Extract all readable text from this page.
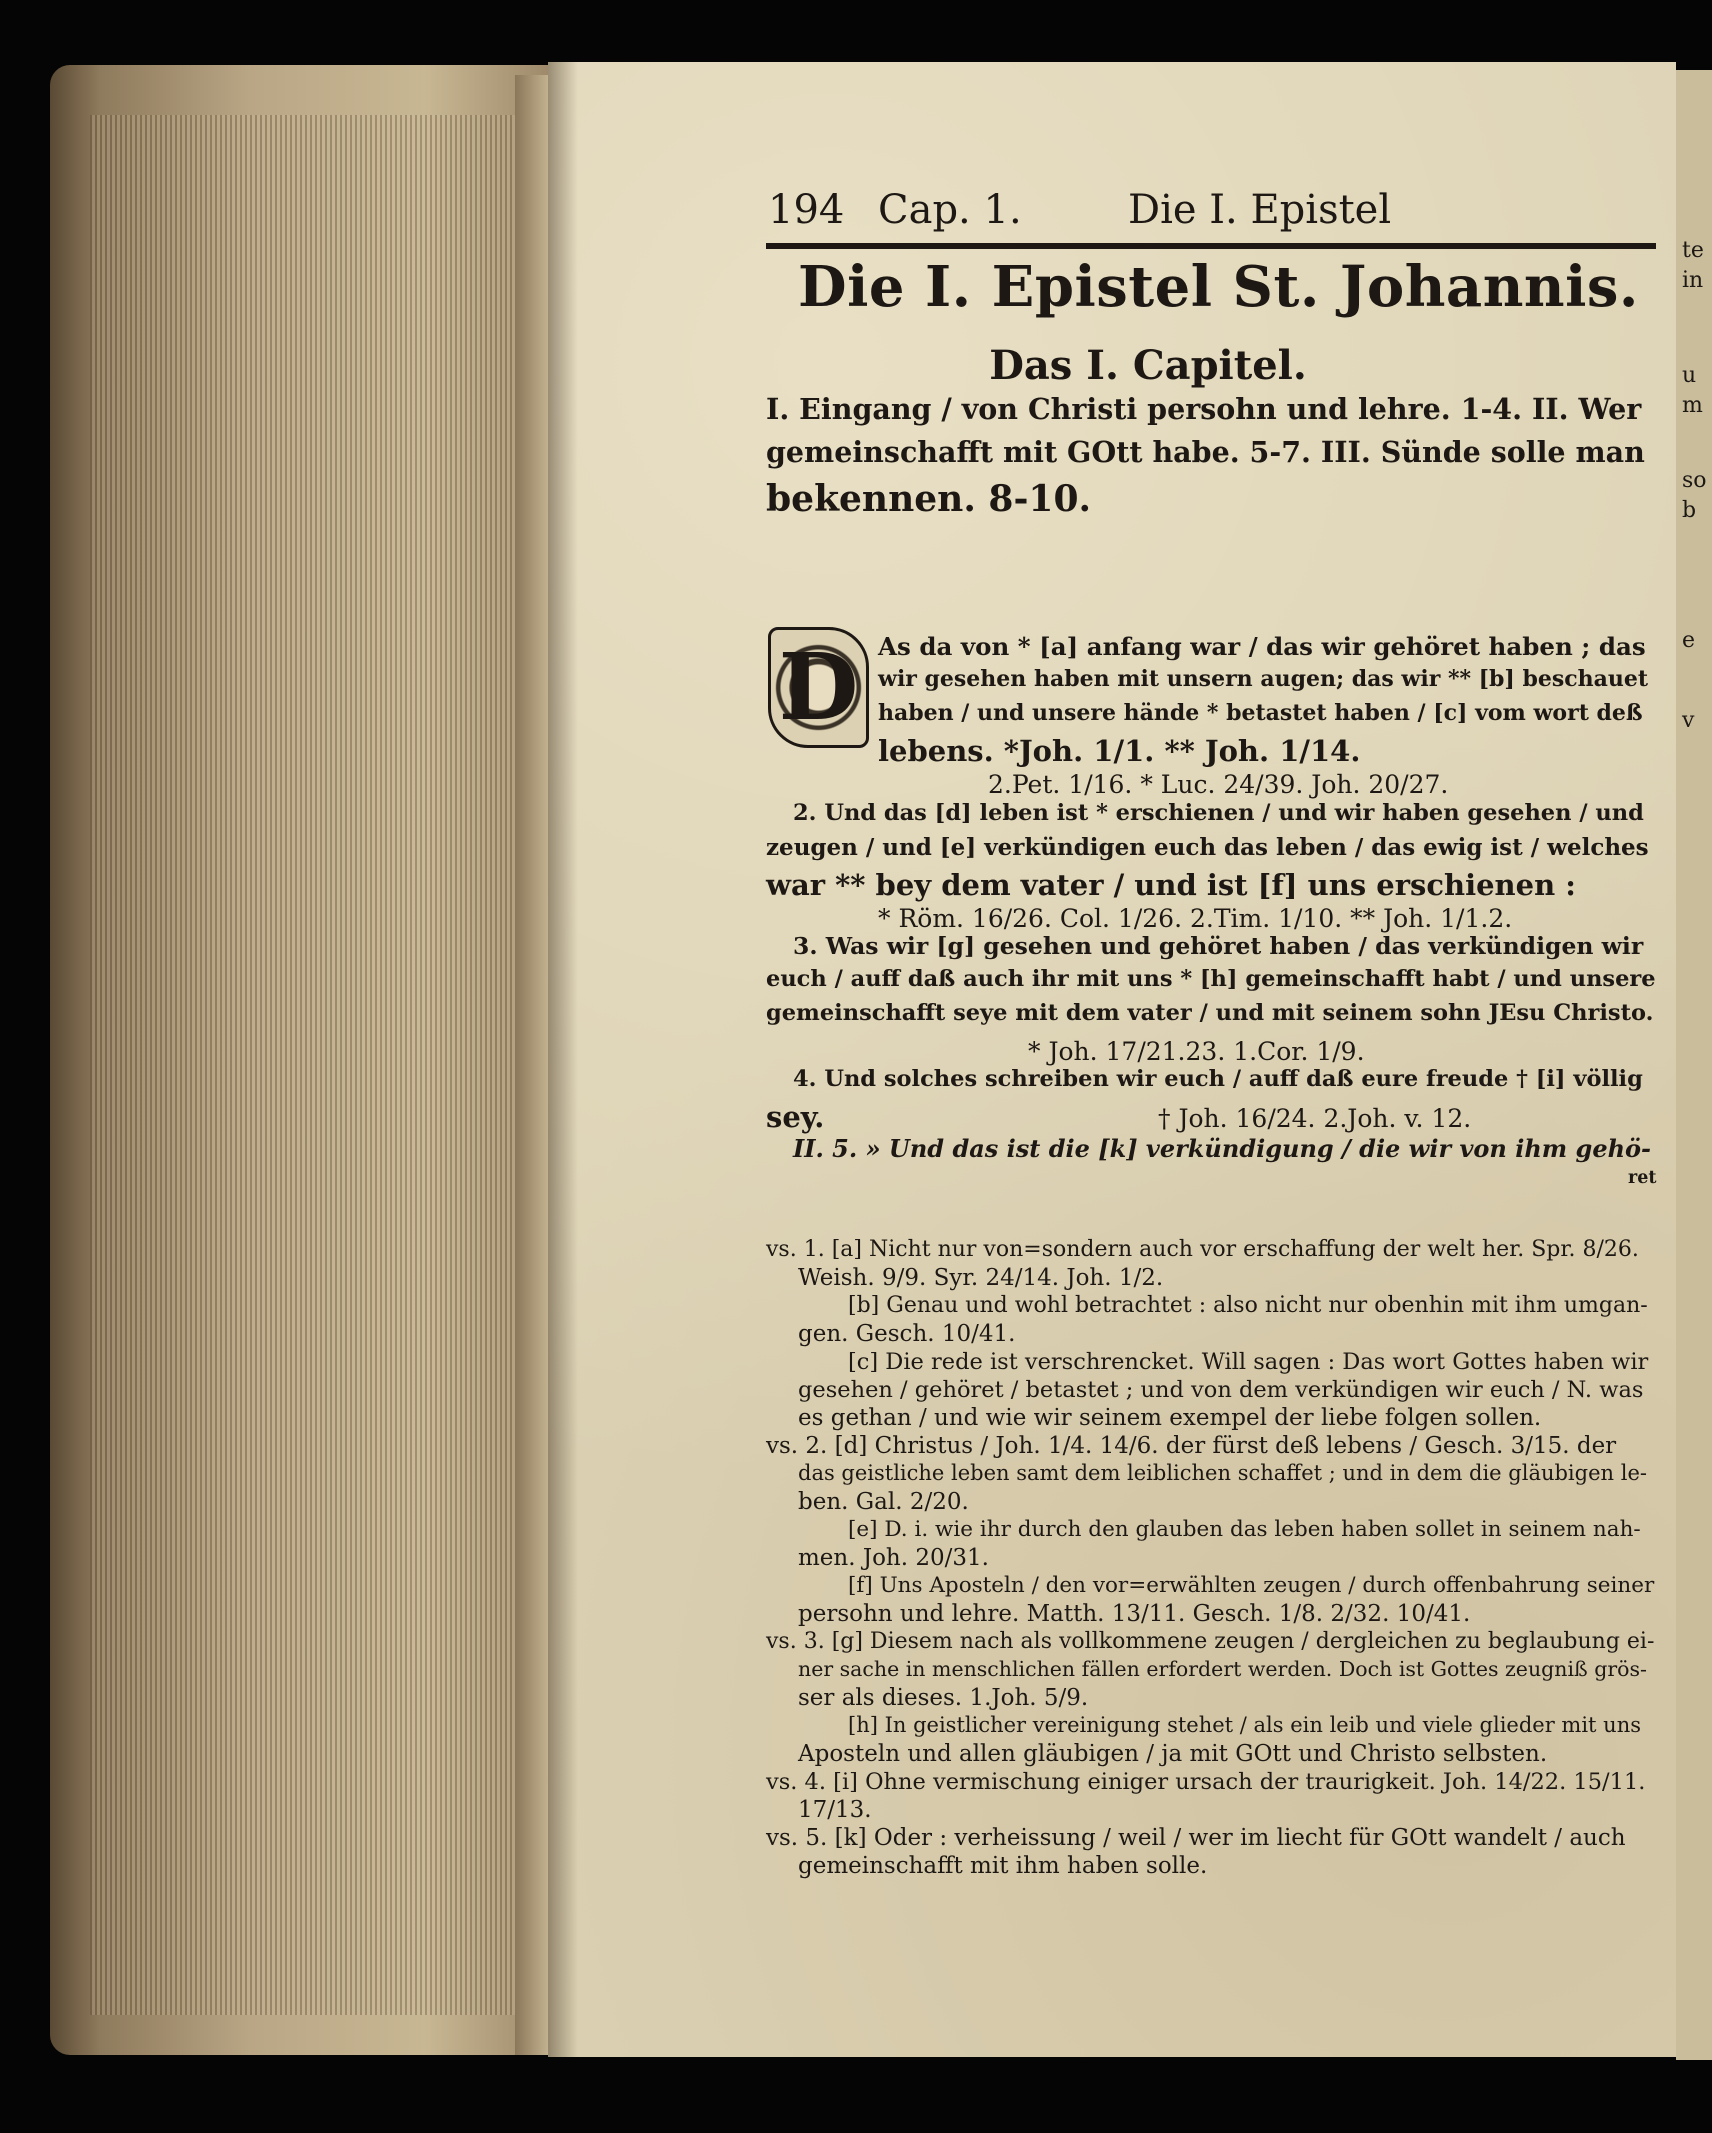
194 Cap. 1.	Die I. Epistel
Die I. Epistel St. Johannis.
Das I. Capitel.
I. Eingang / von Christi persohn und lehre. 1-4. II. Wer
gemeinschafft mit GOtt habe. 5-7. III. Sünde solle man
bekennen. 8-10.
D As da von * [a] anfang war / das wir gehöret haben ; das
wir gesehen haben mit unsern augen; das wir ** [b] beschauet
haben / und unsere hände * betastet haben / [c] vom wort deß
lebens. *Joh. 1/1. ** Joh. 1/14.
2.Pet. 1/16. * Luc. 24/39. Joh. 20/27.
2. Und das [d] leben ist * erschienen / und wir haben gesehen / und
zeugen / und [e] verkündigen euch das leben / das ewig ist / welches
war ** bey dem vater / und ist [f] uns erschienen :
* Röm. 16/26. Col. 1/26. 2.Tim. 1/10. ** Joh. 1/1.2.
3. Was wir [g] gesehen und gehöret haben / das verkündigen wir
euch / auff daß auch ihr mit uns * [h] gemeinschafft habt / und unsere
gemeinschafft seye mit dem vater / und mit seinem sohn JEsu Christo.
* Joh. 17/21.23. 1.Cor. 1/9.
4. Und solches schreiben wir euch / auff daß eure freude † [i] völlig
sey.	† Joh. 16/24. 2.Joh. v. 12.
II. 5. » Und das ist die [k] verkündigung / die wir von ihm gehö-
ret
vs. 1. [a] Nicht nur von=sondern auch vor erschaffung der welt her. Spr. 8/26.
Weish. 9/9. Syr. 24/14. Joh. 1/2.
[b] Genau und wohl betrachtet : also nicht nur obenhin mit ihm umgan-
gen. Gesch. 10/41.
[c] Die rede ist verschrencket. Will sagen : Das wort Gottes haben wir
gesehen / gehöret / betastet ; und von dem verkündigen wir euch / N. was
es gethan / und wie wir seinem exempel der liebe folgen sollen.
vs. 2. [d] Christus / Joh. 1/4. 14/6. der fürst deß lebens / Gesch. 3/15. der
das geistliche leben samt dem leiblichen schaffet ; und in dem die gläubigen le-
ben. Gal. 2/20.
[e] D. i. wie ihr durch den glauben das leben haben sollet in seinem nah-
men. Joh. 20/31.
[f] Uns Aposteln / den vor=erwählten zeugen / durch offenbahrung seiner
persohn und lehre. Matth. 13/11. Gesch. 1/8. 2/32. 10/41.
vs. 3. [g] Diesem nach als vollkommene zeugen / dergleichen zu beglaubung ei-
ner sache in menschlichen fällen erfordert werden. Doch ist Gottes zeugniß grös-
ser als dieses. 1.Joh. 5/9.
[h] In geistlicher vereinigung stehet / als ein leib und viele glieder mit uns
Aposteln und allen gläubigen / ja mit GOtt und Christo selbsten.
vs. 4. [i] Ohne vermischung einiger ursach der traurigkeit. Joh. 14/22. 15/11.
17/13.
vs. 5. [k] Oder : verheissung / weil / wer im liecht für GOtt wandelt / auch
gemeinschafft mit ihm haben solle.
te
in
u
m
so
b
e
v
